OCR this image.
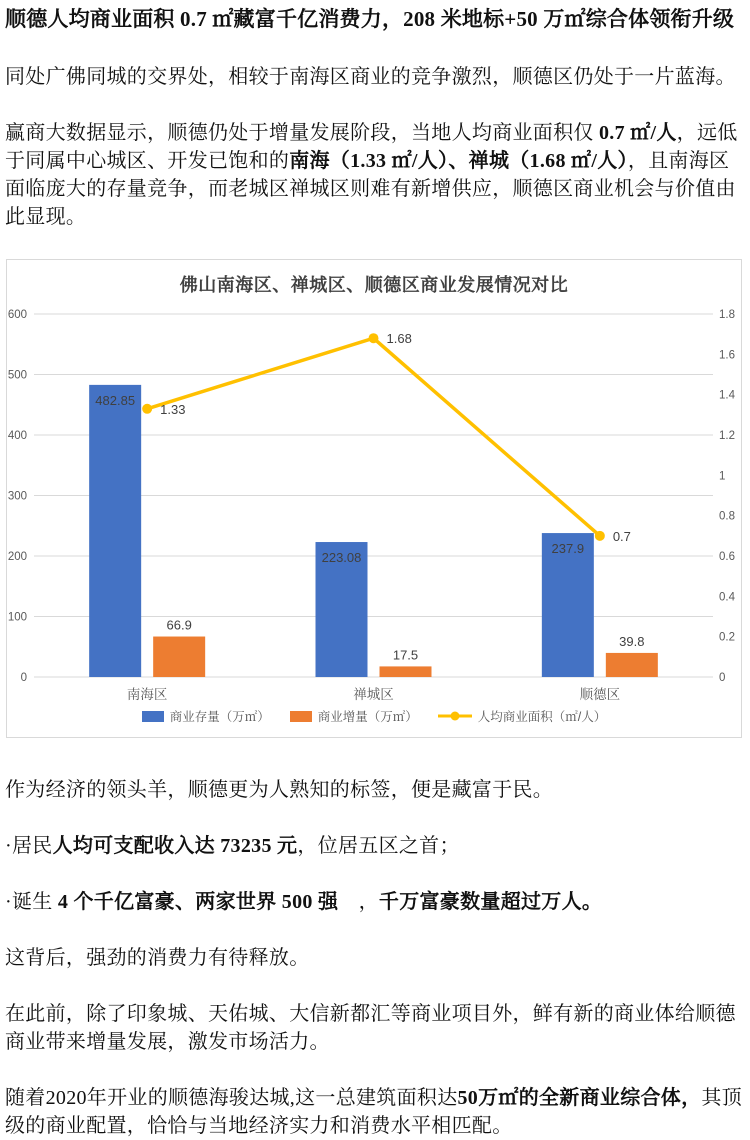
顺德人均商业面积 0.7 ㎡藏富千亿消费力，208 米地标+50 万㎡综合体领衔升级

同处广佛同城的交界处，相较于南海区商业的竞争激烈，顺德区仍处于一片蓝海。

赢商大数据显示，顺德仍处于增量发展阶段，当地人均商业面积仅 0.7 ㎡/人，远低于同属中心城区、开发已饱和的南海（1.33 ㎡/人）、禅城（1.68 ㎡/人），且南海区面临庞大的存量竞争，而老城区禅城区则难有新增供应，顺德区商业机会与价值由此显现。

佛山南海区、禅城区、顺德区商业发展情况对比
0
100
200
300
400
500
600
0
0.2
0.4
0.6
0.8
1
1.2
1.4
1.6
1.8
482.85
223.08
237.9
66.9
17.5
39.8
1.33
1.68
0.7
南海区	禅城区	顺德区
商业存量（万㎡）	商业增量（万㎡）	人均商业面积（㎡/人）

作为经济的领头羊，顺德更为人熟知的标签，便是藏富于民。

·居民人均可支配收入达 73235 元，位居五区之首；

·诞生 4 个千亿富豪、两家世界 500 强　，千万富豪数量超过万人。

这背后，强劲的消费力有待释放。

在此前，除了印象城、天佑城、大信新都汇等商业项目外，鲜有新的商业体给顺德商业带来增量发展，激发市场活力。

随着2020年开业的顺德海骏达城,这一总建筑面积达50万㎡的全新商业综合体，其顶级的商业配置，恰恰与当地经济实力和消费水平相匹配。
